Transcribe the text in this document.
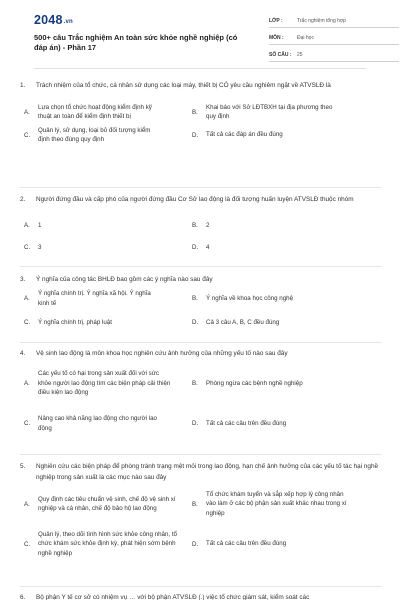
2048.vn
500+ câu Trắc nghiệm An toàn sức khỏe nghề nghiệp (có đáp án) - Phần 17
LỚP :	Trắc nghiệm tổng hợp
MÔN :	Đại học
SỐ CÂU :	25
1. Trách nhiệm của tổ chức, cá nhân sử dụng các loại máy, thiết bị CÓ yêu cầu nghiêm ngặt về ATVSLĐ là
A.
Lựa chọn tổ chức hoạt động kiểm định kỹ thuật an toàn để kiểm định thiết bị
B.
Khai báo với Sở LĐTBXH tại địa phương theo quy định
C.
Quản lý, sử dụng, loại bỏ đối tượng kiểm định theo đúng quy định
D.	Tất cả các đáp án đều đúng
2. Người đứng đầu và cấp phó của người đứng đầu Cơ Sở lao động là đối tượng huấn luyện ATVSLĐ thuộc nhóm
A.	1	B.	2
C.	3	D.	4
3. Ý nghĩa của công tác BHLĐ bao gồm các ý nghĩa nào sau đây
A.
Ý nghĩa chính trị. Ý nghĩa xã hội. Ý nghĩa kinh tế
B.	Ý nghĩa về khoa học công nghệ
C.	Ý nghĩa chính trị, pháp luật	D.	Cả 3 câu A, B, C đều đúng
4. Vệ sinh lao động là môn khoa học nghiên cứu ảnh hưởng của những yếu tố nào sau đây
A.
Các yếu tố có hại trong sản xuất đối với sức khỏe người lao động tìm các biện pháp cải thiện điều kiện lao động
B.	Phòng ngừa các bệnh nghề nghiệp
C.
Nâng cao khả năng lao động cho người lao động
D.	Tất cả các câu trên đều đúng
5. Nghiên cứu các biện pháp để phòng tránh trạng mệt mỏi trong lao động, hạn chế ảnh hưởng của các yếu tố tác hại nghề nghiệp trong sản xuất là các mục nào sau đây
A.
Quy định các tiêu chuẩn vệ sinh, chế độ vệ sinh xí nghiệp và cá nhân, chế độ bảo hộ lao động
B.
Tổ chức khám tuyển và sắp xếp hợp lý công nhân vào làm ở các bộ phận sản xuất khác nhau trong xí nghiệp
C.
Quản lý, theo dõi tình hình sức khỏe công nhân, tổ chức khám sức khỏe định kỳ, phát hiện sớm bệnh nghề nghiệp
D.	Tất cả các câu trên đều đúng
6. Bộ phận Y tế cơ sở có nhiệm vụ … với bộ phận ATVSLĐ (.) việc tổ chức giám sát, kiểm soát các
